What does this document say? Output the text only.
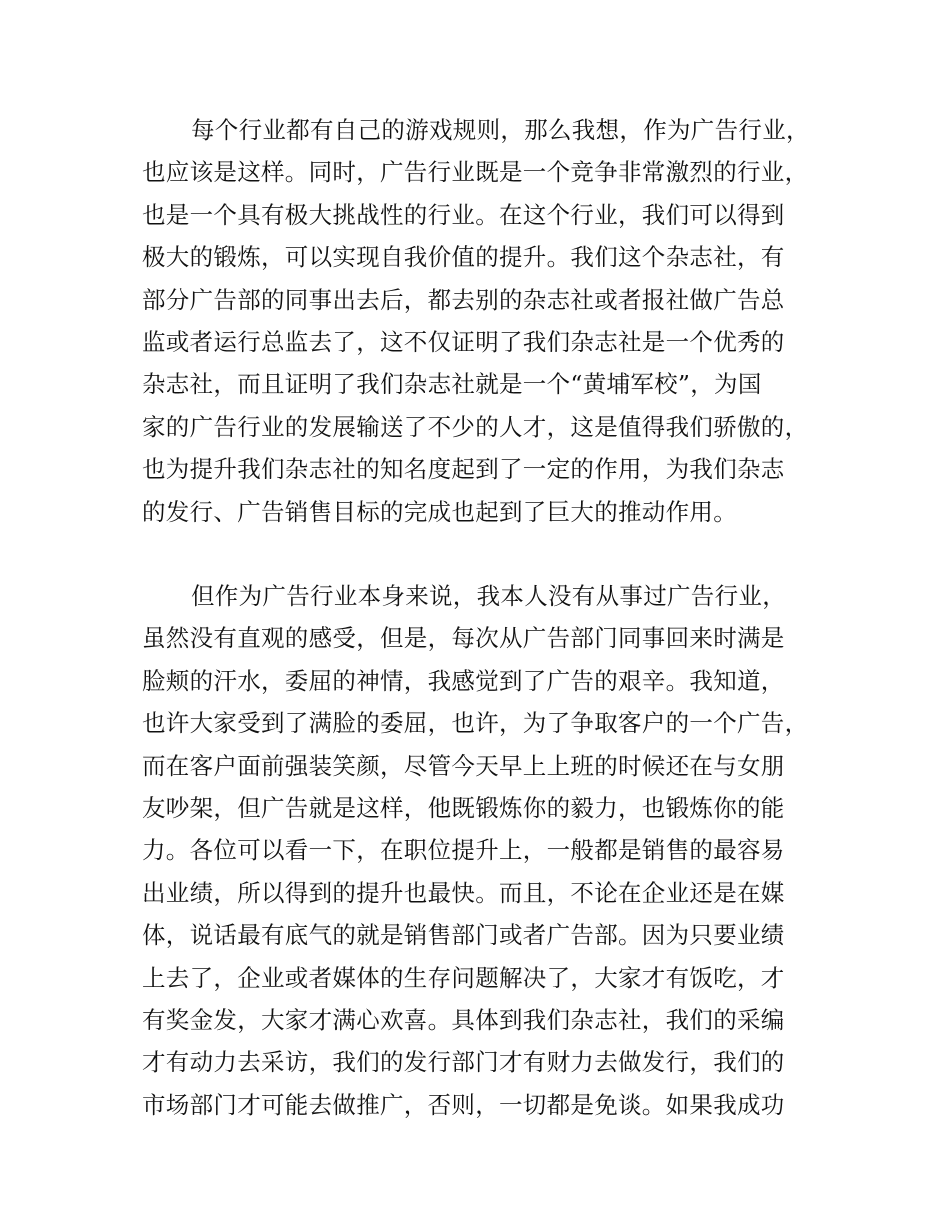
每个行业都有自己的游戏规则，那么我想，作为广告行业，
也应该是这样。同时，广告行业既是一个竞争非常激烈的行业，
也是一个具有极大挑战性的行业。在这个行业，我们可以得到
极大的锻炼，可以实现自我价值的提升。我们这个杂志社，有
部分广告部的同事出去后，都去别的杂志社或者报社做广告总
监或者运行总监去了，这不仅证明了我们杂志社是一个优秀的
杂志社，而且证明了我们杂志社就是一个“黄埔军校”，为国
家的广告行业的发展输送了不少的人才，这是值得我们骄傲的，
也为提升我们杂志社的知名度起到了一定的作用，为我们杂志
的发行、广告销售目标的完成也起到了巨大的推动作用。

但作为广告行业本身来说，我本人没有从事过广告行业，
虽然没有直观的感受，但是，每次从广告部门同事回来时满是
脸颊的汗水，委屈的神情，我感觉到了广告的艰辛。我知道，
也许大家受到了满脸的委屈，也许，为了争取客户的一个广告，
而在客户面前强装笑颜，尽管今天早上上班的时候还在与女朋
友吵架，但广告就是这样，他既锻炼你的毅力，也锻炼你的能
力。各位可以看一下，在职位提升上，一般都是销售的最容易
出业绩，所以得到的提升也最快。而且，不论在企业还是在媒
体，说话最有底气的就是销售部门或者广告部。因为只要业绩
上去了，企业或者媒体的生存问题解决了，大家才有饭吃，才
有奖金发，大家才满心欢喜。具体到我们杂志社，我们的采编
才有动力去采访，我们的发行部门才有财力去做发行，我们的
市场部门才可能去做推广，否则，一切都是免谈。如果我成功
